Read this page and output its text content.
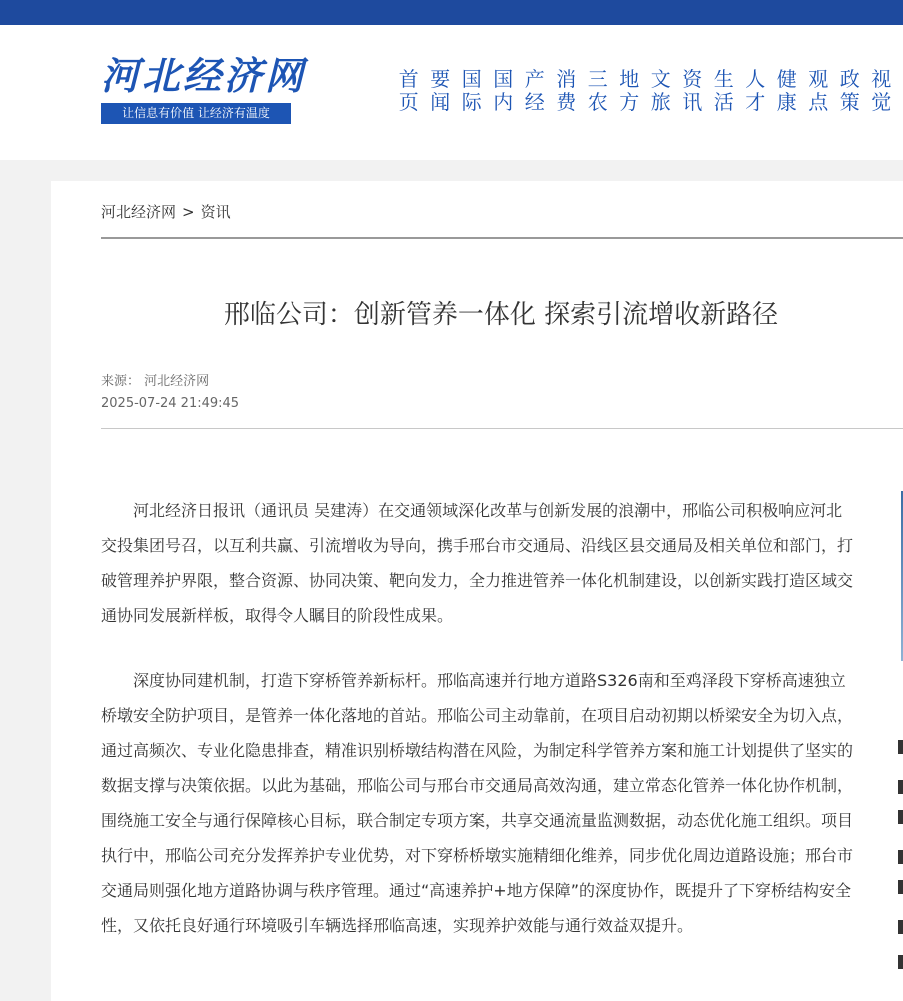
河北经济网
让信息有价值 让经济有温度
首页
要闻
国际
国内
产经
消费
三农
地方
文旅
资讯
生活
人才
健康
观点
政策
视觉
河北经济网 > 资讯
邢临公司：创新管养一体化 探索引流增收新路径
来源： 河北经济网
2025-07-24 21:49:45

河北经济日报讯（通讯员 吴建涛）在交通领域深化改革与创新发展的浪潮中，邢临公司积极响应河北交投集团号召，以互利共赢、引流增收为导向，携手邢台市交通局、沿线区县交通局及相关单位和部门，打破管理养护界限，整合资源、协同决策、靶向发力，全力推进管养一体化机制建设，以创新实践打造区域交通协同发展新样板，取得令人瞩目的阶段性成果。

深度协同建机制，打造下穿桥管养新标杆。邢临高速并行地方道路S326南和至鸡泽段下穿桥高速独立桥墩安全防护项目，是管养一体化落地的首站。邢临公司主动靠前，在项目启动初期以桥梁安全为切入点，通过高频次、专业化隐患排查，精准识别桥墩结构潜在风险，为制定科学管养方案和施工计划提供了坚实的数据支撑与决策依据。以此为基础，邢临公司与邢台市交通局高效沟通，建立常态化管养一体化协作机制，围绕施工安全与通行保障核心目标，联合制定专项方案，共享交通流量监测数据，动态优化施工组织。项目执行中，邢临公司充分发挥养护专业优势，对下穿桥桥墩实施精细化维养，同步优化周边道路设施；邢台市交通局则强化地方道路协调与秩序管理。通过“高速养护+地方保障”的深度协作，既提升了下穿桥结构安全性，又依托良好通行环境吸引车辆选择邢临高速，实现养护效能与通行效益双提升。
